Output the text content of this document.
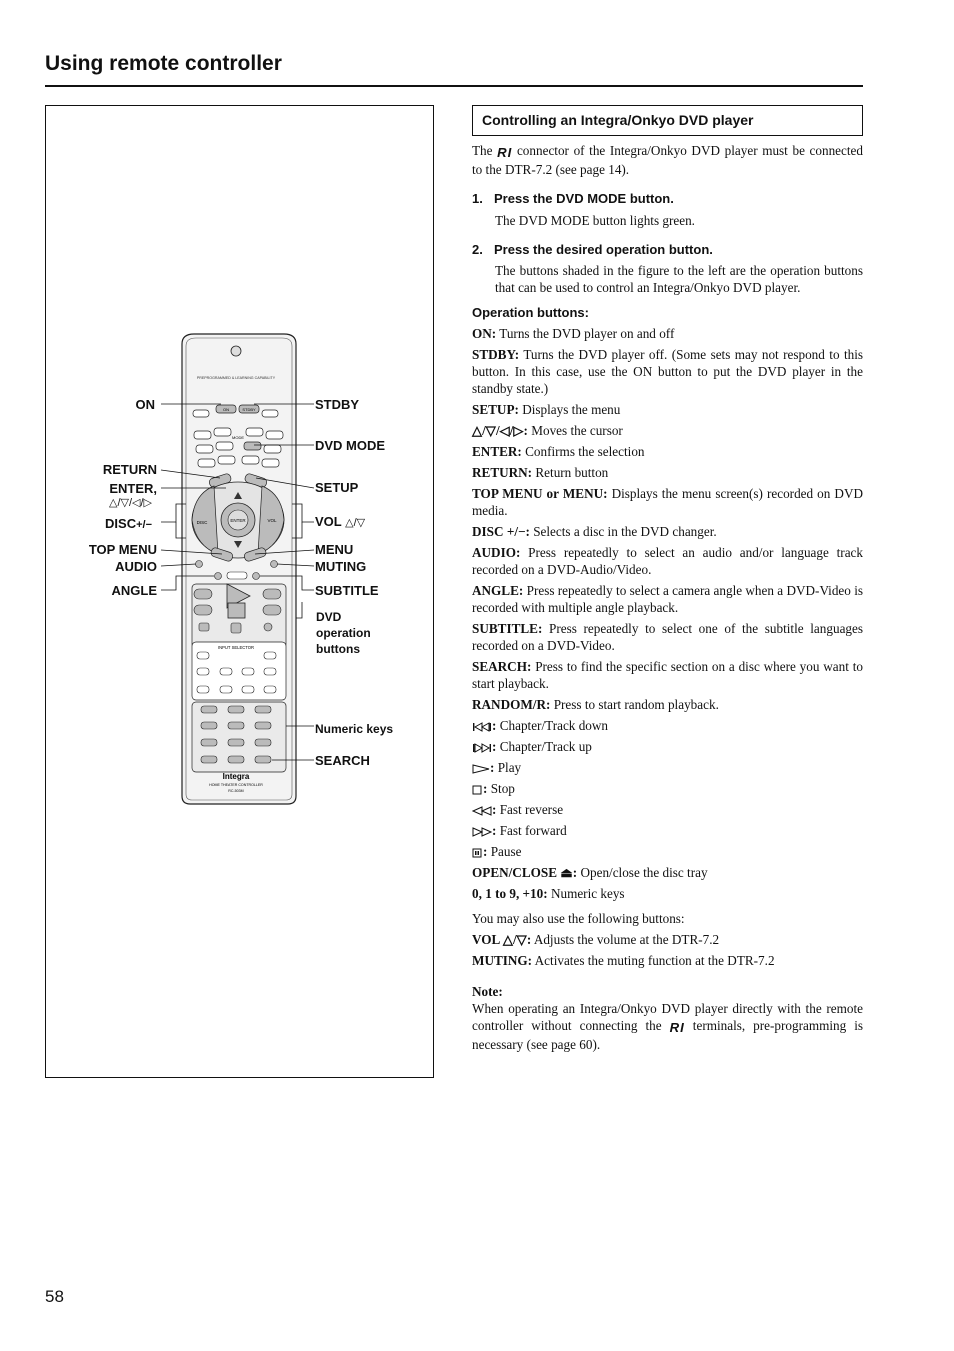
Using remote controller
PREPROGRAMMED & LEARNING CAPABILITY
ON	STDBY
MODE
ENTER	VOL
DISC
INPUT SELECTOR
Integra
HOME THEATER CONTROLLER
RC-503M
ON
RETURN
ENTER,
△/▽/◁/▷
DISC+/−
TOP MENU
AUDIO
ANGLE
STDBY
DVD MODE
SETUP
VOL △/▽
MENU
MUTING
SUBTITLE
DVD
operation
buttons
Numeric keys
SEARCH
Controlling an Integra/Onkyo DVD player

The RI connector of the Integra/Onkyo DVD player must be connected to the DTR-7.2 (see page 14).

1. Press the DVD MODE button.

The DVD MODE button lights green.

2. Press the desired operation button.

The buttons shaded in the figure to the left are the operation buttons that can be used to control an Integra/Onkyo DVD player.

Operation buttons:

ON: Turns the DVD player on and off

STDBY: Turns the DVD player off. (Some sets may not respond to this button. In this case, use the ON button to put the DVD player in the standby state.)

SETUP: Displays the menu

△/▽/◁/▷: Moves the cursor

ENTER: Confirms the selection

RETURN: Return button

TOP MENU or MENU: Displays the menu screen(s) recorded on DVD media.

DISC +/−: Selects a disc in the DVD changer.

AUDIO: Press repeatedly to select an audio and/or language track recorded on a DVD-Audio/Video.

ANGLE: Press repeatedly to select a camera angle when a DVD-Video is recorded with multiple angle playback.

SUBTITLE: Press repeatedly to select one of the subtitle languages recorded on a DVD-Video.

SEARCH: Press to find the specific section on a disc where you want to start playback.

RANDOM/R: Press to start random playback.

: Chapter/Track down

: Chapter/Track up

: Play

: Stop

: Fast reverse

: Fast forward

: Pause

OPEN/CLOSE ⏏: Open/close the disc tray

0, 1 to 9, +10: Numeric keys

You may also use the following buttons:

VOL △/▽: Adjusts the volume at the DTR-7.2

MUTING: Activates the muting function at the DTR-7.2

Note:

When operating an Integra/Onkyo DVD player directly with the remote controller without connecting the RI terminals, pre-programming is necessary (see page 60).

58
